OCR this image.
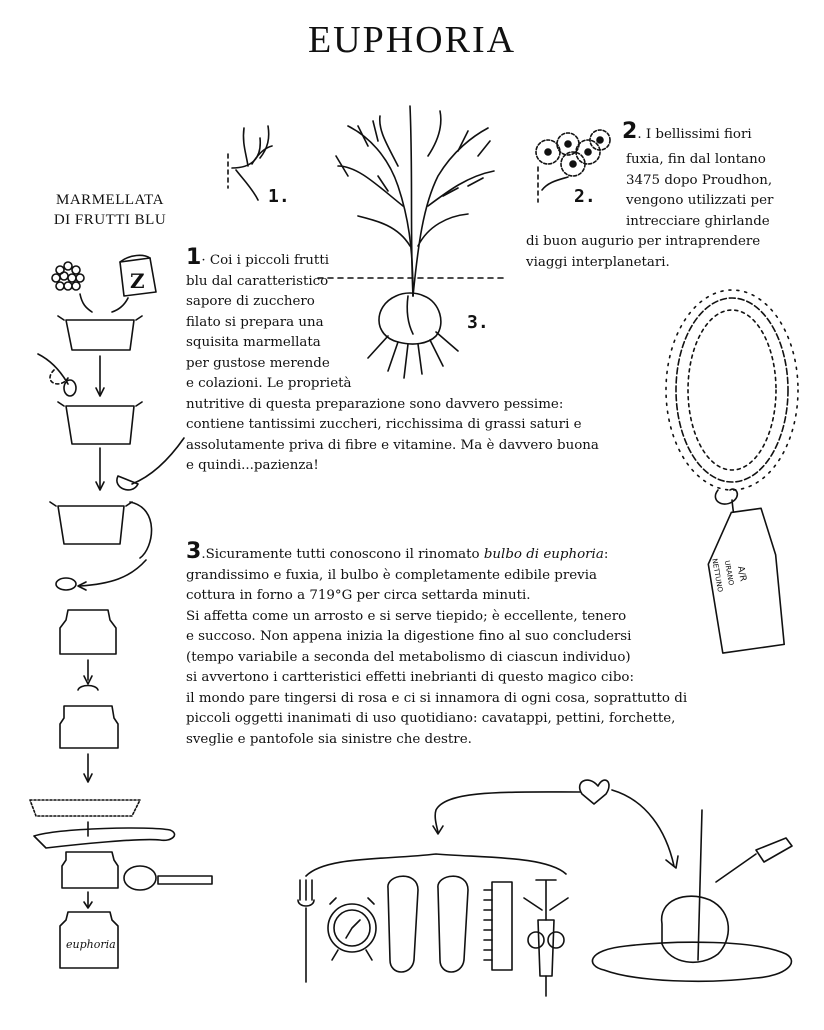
EUPHORIA
MARMELLATA
DI FRUTTI BLU
1.	2.
3.

1· Coi i piccoli frutti

blu dal caratteristico

sapore di zucchero

filato si prepara una

squisita marmellata

per gustose merende

e colazioni. Le proprietà

nutritive di questa preparazione sono davvero pessime:

contiene tantissimi zuccheri, ricchissima di grassi saturi e

assolutamente priva di fibre e vitamine. Ma è davvero buona

e quindi...pazienza!

2. I bellissimi fiori

fuxia, fin dal lontano

3475 dopo Proudhon,

vengono utilizzati per

intrecciare ghirlande

di buon augurio per intraprendere

viaggi interplanetari.

3.Sicuramente tutti conoscono il rinomato bulbo di euphoria:

grandissimo e fuxia, il bulbo è completamente edibile previa

cottura in forno a 719°G per circa settarda minuti.

Si affetta come un arrosto e si serve tiepido; è eccellente, tenero

e succoso. Non appena inizia la digestione fino al suo concludersi

(tempo variabile a seconda del metabolismo di ciascun individuo)

si avvertono i cartteristici effetti inebrianti di questo magico cibo:

il mondo pare tingersi di rosa e ci si innamora di ogni cosa, soprattutto di

piccoli oggetti inanimati di uso quotidiano: cavatappi, pettini, forchette,

sveglie e pantofole sia sinistre che destre.

NETTUNO
URANO A/R
Z
euphoria
